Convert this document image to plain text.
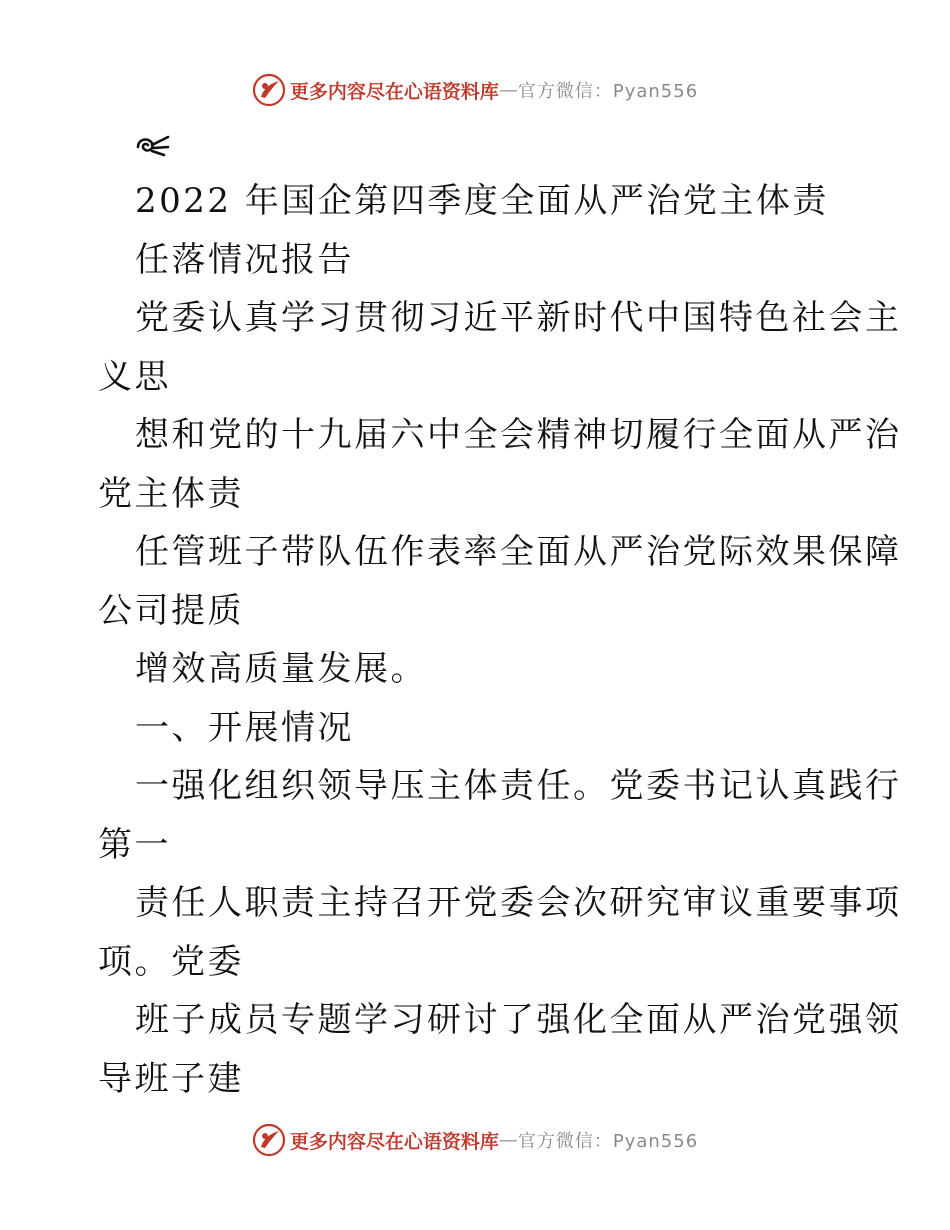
更多内容尽在心语资料库 — 官方微信：Pyan556
2022 年国企第四季度全面从严治党主体责
任落情况报告
党委认真学习贯彻习近平新时代中国特色社会主
义思
想和党的十九届六中全会精神切履行全面从严治
党主体责
任管班子带队伍作表率全面从严治党际效果保障
公司提质
增效高质量发展。
一、开展情况
一强化组织领导压主体责任。党委书记认真践行
第一
责任人职责主持召开党委会次研究审议重要事项
项。党委
班子成员专题学习研讨了强化全面从严治党强领
导班子建
更多内容尽在心语资料库 — 官方微信：Pyan556
